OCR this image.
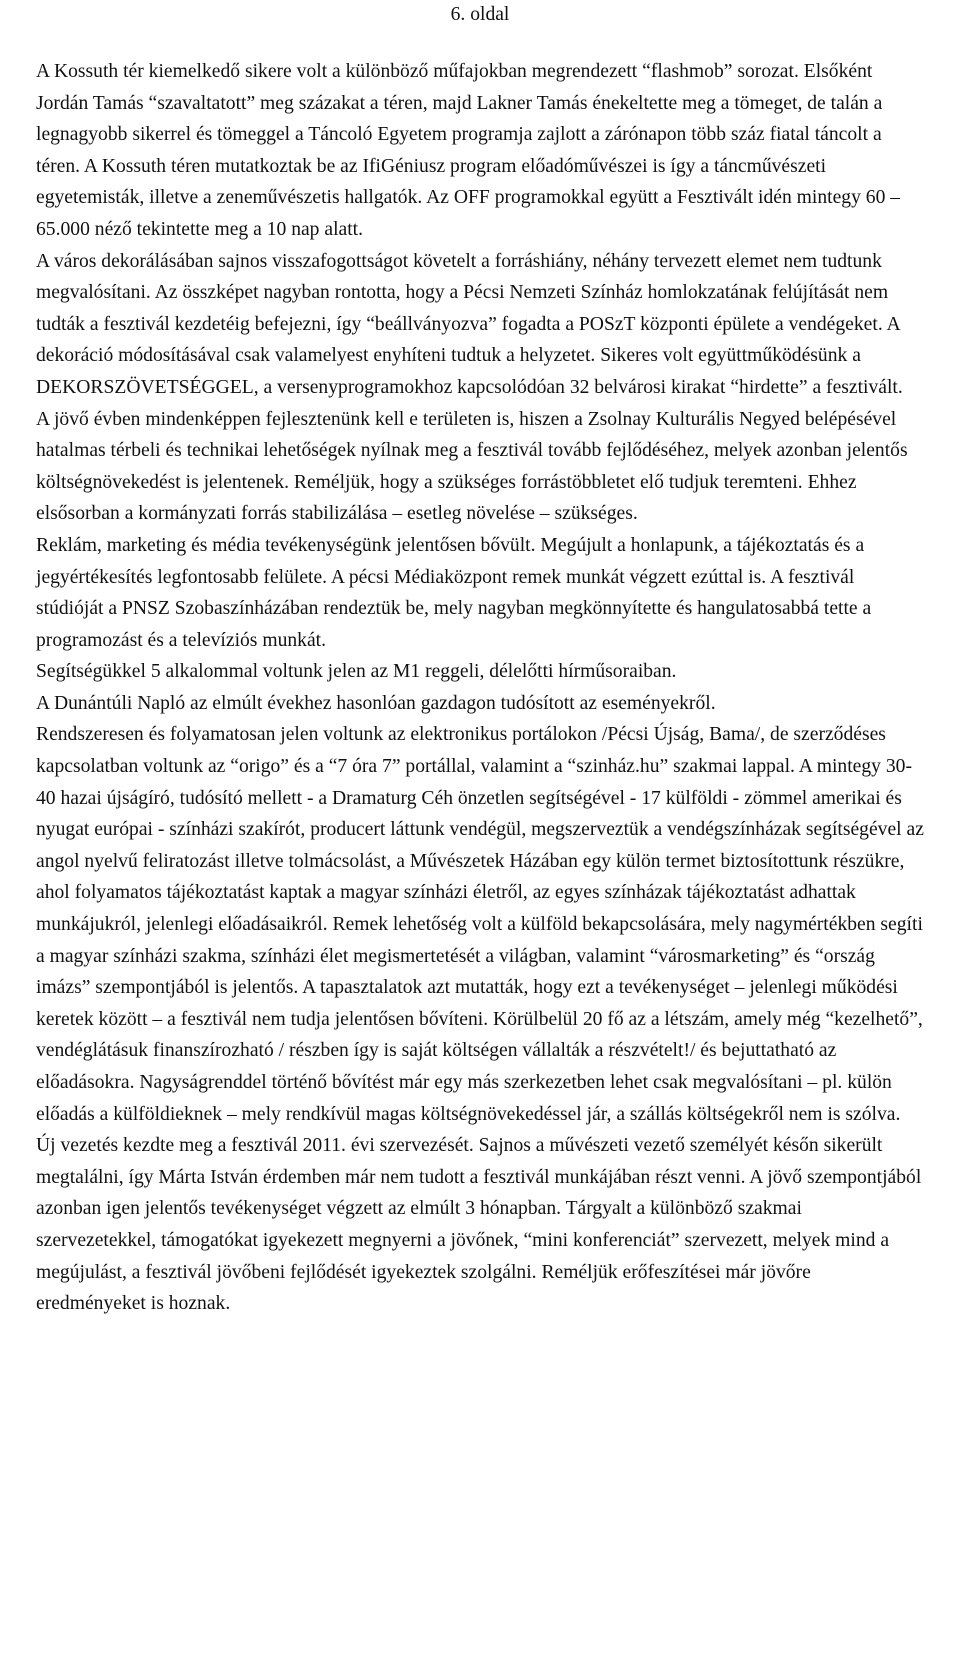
6. oldal

A Kossuth tér kiemelkedő sikere volt a különböző műfajokban megrendezett “flashmob” sorozat. Elsőként Jordán Tamás “szavaltatott” meg százakat a téren, majd Lakner Tamás énekeltette meg a tömeget, de talán a legnagyobb sikerrel és tömeggel a Táncoló Egyetem programja zajlott a zárónapon több száz fiatal táncolt a téren. A Kossuth téren mutatkoztak be az IfiGéniusz program előadóművészei is így a táncművészeti egyetemisták, illetve a zeneművészetis hallgatók. Az OFF programokkal együtt a Fesztivált idén mintegy 60 – 65.000 néző tekintette meg a 10 nap alatt.

A város dekorálásában sajnos visszafogottságot követelt a forráshiány, néhány tervezett elemet nem tudtunk megvalósítani. Az összképet nagyban rontotta, hogy a Pécsi Nemzeti Színház homlokzatának felújítását nem tudták a fesztivál kezdetéig befejezni, így “beállványozva” fogadta a POSzT központi épülete a vendégeket. A dekoráció módosításával csak valamelyest enyhíteni tudtuk a helyzetet. Sikeres volt együttműködésünk a DEKORSZÖVETSÉGGEL, a versenyprogramokhoz kapcsolódóan 32 belvárosi kirakat “hirdette” a fesztivált.

A jövő évben mindenképpen fejlesztenünk kell e területen is, hiszen a Zsolnay Kulturális Negyed belépésével hatalmas térbeli és technikai lehetőségek nyílnak meg a fesztivál tovább fejlődéséhez, melyek azonban jelentős költségnövekedést is jelentenek. Reméljük, hogy a szükséges forrástöbbletet elő tudjuk teremteni. Ehhez elsősorban a kormányzati forrás stabilizálása – esetleg növelése – szükséges.

Reklám, marketing és média tevékenységünk jelentősen bővült. Megújult a honlapunk, a tájékoztatás és a jegyértékesítés legfontosabb felülete. A pécsi Médiaközpont remek munkát végzett ezúttal is. A fesztivál stúdióját a PNSZ Szobaszínházában rendeztük be, mely nagyban megkönnyítette és hangulatosabbá tette a programozást és a televíziós munkát.

Segítségükkel 5 alkalommal voltunk jelen az M1 reggeli, délelőtti hírműsoraiban.

A Dunántúli Napló az elmúlt évekhez hasonlóan gazdagon tudósított az eseményekről.

Rendszeresen és folyamatosan jelen voltunk az elektronikus portálokon /Pécsi Újság, Bama/, de szerződéses kapcsolatban voltunk az “origo” és a “7 óra 7” portállal, valamint a “szinház.hu” szakmai lappal. A mintegy 30-40 hazai újságíró, tudósító mellett - a Dramaturg Céh önzetlen segítségével - 17 külföldi - zömmel amerikai és nyugat európai - színházi szakírót, producert láttunk vendégül, megszerveztük a vendégszínházak segítségével az angol nyelvű feliratozást illetve tolmácsolást, a Művészetek Házában egy külön termet biztosítottunk részükre, ahol folyamatos tájékoztatást kaptak a magyar színházi életről, az egyes színházak tájékoztatást adhattak munkájukról, jelenlegi előadásaikról. Remek lehetőség volt a külföld bekapcsolására, mely nagymértékben segíti a magyar színházi szakma, színházi élet megismertetését a világban, valamint “városmarketing” és “ország imázs” szempontjából is jelentős. A tapasztalatok azt mutatták, hogy ezt a tevékenységet – jelenlegi működési keretek között – a fesztivál nem tudja jelentősen bővíteni. Körülbelül 20 fő az a létszám, amely még “kezelhető”, vendéglátásuk finanszírozható / részben így is saját költségen vállalták a részvételt!/ és bejuttatható az előadásokra. Nagyságrenddel történő bővítést már egy más szerkezetben lehet csak megvalósítani – pl. külön előadás a külföldieknek – mely rendkívül magas költségnövekedéssel jár, a szállás költségekről nem is szólva.

Új vezetés kezdte meg a fesztivál 2011. évi szervezését. Sajnos a művészeti vezető személyét későn sikerült megtalálni, így Márta István érdemben már nem tudott a fesztivál munkájában részt venni. A jövő szempontjából azonban igen jelentős tevékenységet végzett az elmúlt 3 hónapban. Tárgyalt a különböző szakmai szervezetekkel, támogatókat igyekezett megnyerni a jövőnek, “mini konferenciát” szervezett, melyek mind a megújulást, a fesztivál jövőbeni fejlődését igyekeztek szolgálni. Reméljük erőfeszítései már jövőre eredményeket is hoznak.
